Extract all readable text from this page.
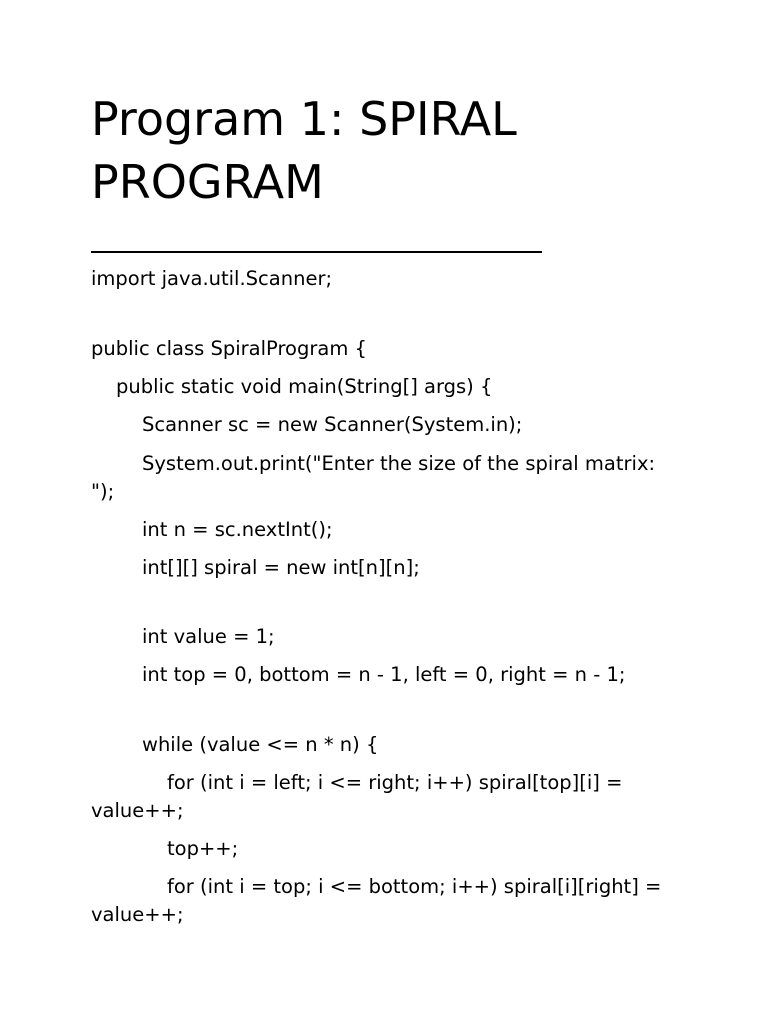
Program 1: SPIRAL
PROGRAM
import java.util.Scanner;
public class SpiralProgram {
public static void main(String[] args) {
Scanner sc = new Scanner(System.in);
System.out.print("Enter the size of the spiral matrix:
");
int n = sc.nextInt();
int[][] spiral = new int[n][n];
int value = 1;
int top = 0, bottom = n - 1, left = 0, right = n - 1;
while (value <= n * n) {
for (int i = left; i <= right; i++) spiral[top][i] =
value++;
top++;
for (int i = top; i <= bottom; i++) spiral[i][right] =
value++;
